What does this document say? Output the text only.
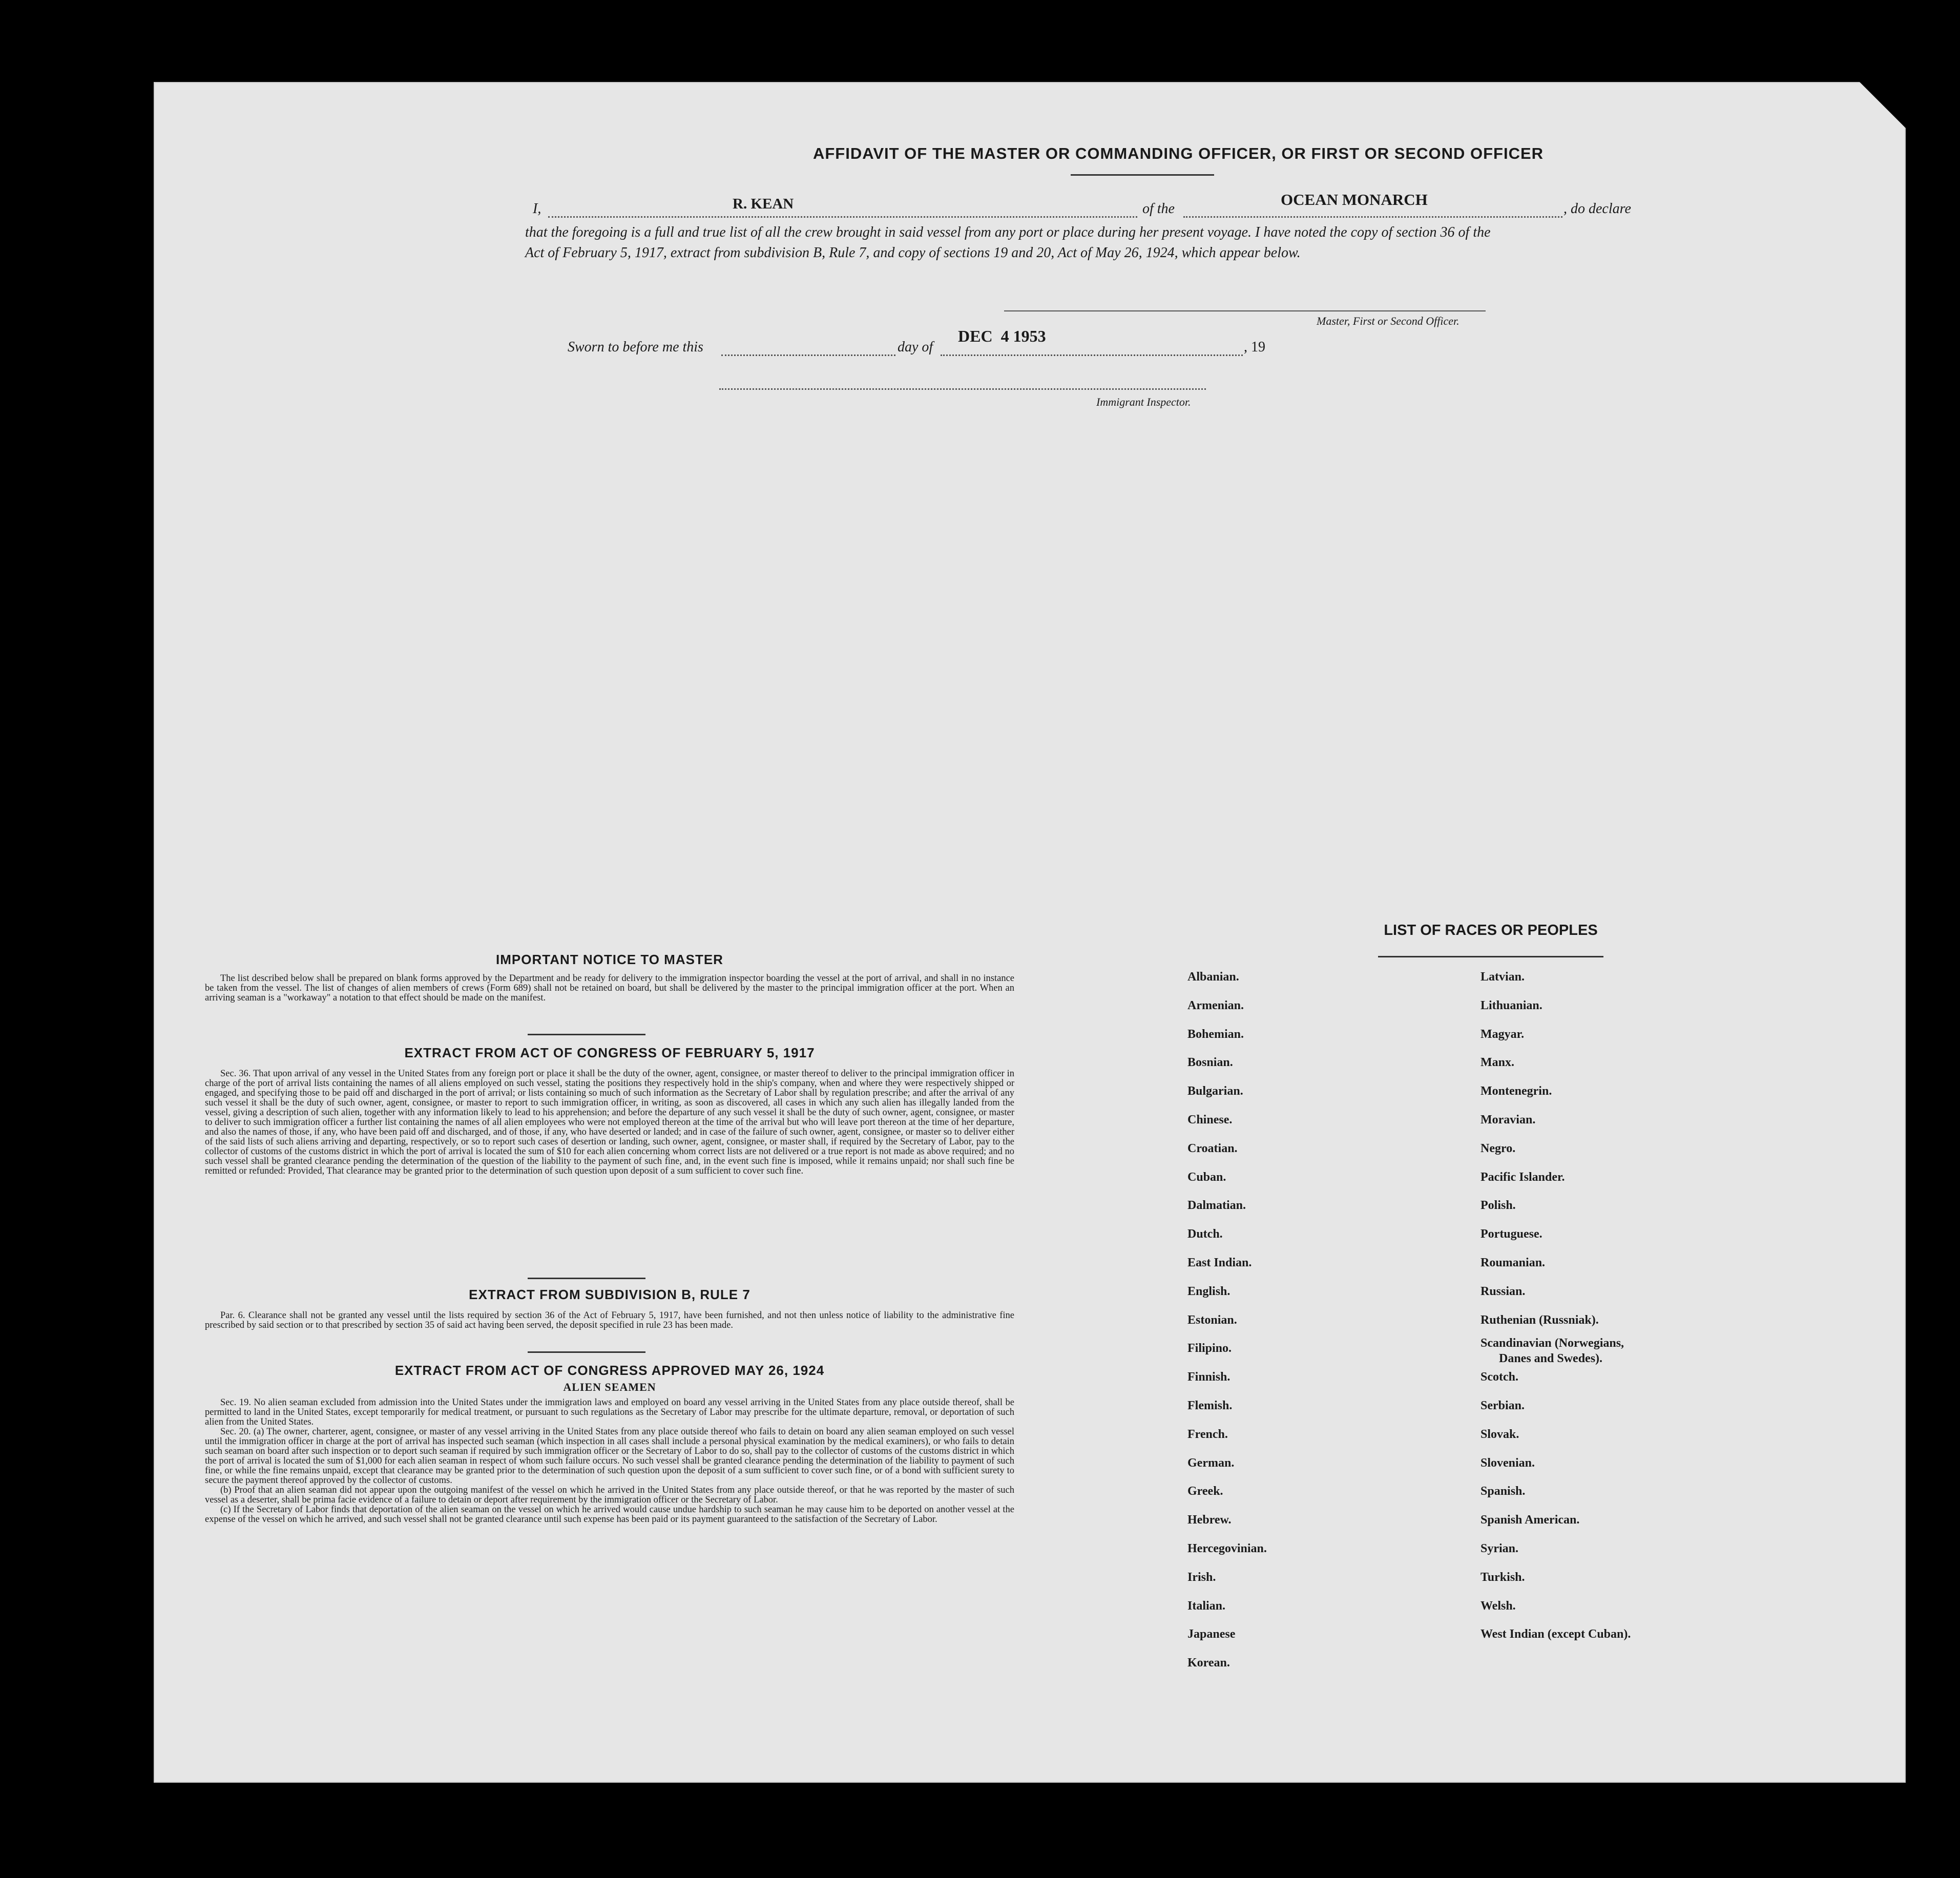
AFFIDAVIT OF THE MASTER OR COMMANDING OFFICER, OR FIRST OR SECOND OFFICER
I,	R. KEAN	of the
OCEAN MONARCH
, do declare
that the foregoing is a full and true list of all the crew brought in said vessel from any port or place during her present voyage. I have noted the copy of section 36 of the Act of February 5, 1917, extract from subdivision B, Rule 7, and copy of sections 19 and 20, Act of May 26, 1924, which appear below.
Master, First or Second Officer.
Sworn to before me this	day of
DEC  4 1953
, 19
Immigrant Inspector.
IMPORTANT NOTICE TO MASTER
The list described below shall be prepared on blank forms approved by the Department and be ready for delivery to the immigration inspector boarding the vessel at the port of arrival, and shall in no instance be taken from the vessel. The list of changes of alien members of crews (Form 689) shall not be retained on board, but shall be delivered by the master to the principal immigration officer at the port. When an arriving seaman is a "workaway" a notation to that effect should be made on the manifest.
EXTRACT FROM ACT OF CONGRESS OF FEBRUARY 5, 1917
Sec. 36. That upon arrival of any vessel in the United States from any foreign port or place it shall be the duty of the owner, agent, consignee, or master thereof to deliver to the principal immigration officer in charge of the port of arrival lists containing the names of all aliens employed on such vessel, stating the positions they respectively hold in the ship's company, when and where they were respectively shipped or engaged, and specifying those to be paid off and discharged in the port of arrival; or lists containing so much of such information as the Secretary of Labor shall by regulation prescribe; and after the arrival of any such vessel it shall be the duty of such owner, agent, consignee, or master to report to such immigration officer, in writing, as soon as discovered, all cases in which any such alien has illegally landed from the vessel, giving a description of such alien, together with any information likely to lead to his apprehension; and before the departure of any such vessel it shall be the duty of such owner, agent, consignee, or master to deliver to such immigration officer a further list containing the names of all alien employees who were not employed thereon at the time of the arrival but who will leave port thereon at the time of her departure, and also the names of those, if any, who have been paid off and discharged, and of those, if any, who have deserted or landed; and in case of the failure of such owner, agent, consignee, or master so to deliver either of the said lists of such aliens arriving and departing, respectively, or so to report such cases of desertion or landing, such owner, agent, consignee, or master shall, if required by the Secretary of Labor, pay to the collector of customs of the customs district in which the port of arrival is located the sum of $10 for each alien concerning whom correct lists are not delivered or a true report is not made as above required; and no such vessel shall be granted clearance pending the determination of the question of the liability to the payment of such fine, and, in the event such fine is imposed, while it remains unpaid; nor shall such fine be remitted or refunded: Provided, That clearance may be granted prior to the determination of such question upon deposit of a sum sufficient to cover such fine.
EXTRACT FROM SUBDIVISION B, RULE 7
Par. 6. Clearance shall not be granted any vessel until the lists required by section 36 of the Act of February 5, 1917, have been furnished, and not then unless notice of liability to the administrative fine prescribed by said section or to that prescribed by section 35 of said act having been served, the deposit specified in rule 23 has been made.
EXTRACT FROM ACT OF CONGRESS APPROVED MAY 26, 1924
ALIEN SEAMEN
Sec. 19. No alien seaman excluded from admission into the United States under the immigration laws and employed on board any vessel arriving in the United States from any place outside thereof, shall be permitted to land in the United States, except temporarily for medical treatment, or pursuant to such regulations as the Secretary of Labor may prescribe for the ultimate departure, removal, or deportation of such alien from the United States.
Sec. 20. (a) The owner, charterer, agent, consignee, or master of any vessel arriving in the United States from any place outside thereof who fails to detain on board any alien seaman employed on such vessel until the immigration officer in charge at the port of arrival has inspected such seaman (which inspection in all cases shall include a personal physical examination by the medical examiners), or who fails to detain such seaman on board after such inspection or to deport such seaman if required by such immigration officer or the Secretary of Labor to do so, shall pay to the collector of customs of the customs district in which the port of arrival is located the sum of $1,000 for each alien seaman in respect of whom such failure occurs. No such vessel shall be granted clearance pending the determination of the liability to payment of such fine, or while the fine remains unpaid, except that clearance may be granted prior to the determination of such question upon the deposit of a sum sufficient to cover such fine, or of a bond with sufficient surety to secure the payment thereof approved by the collector of customs.
(b) Proof that an alien seaman did not appear upon the outgoing manifest of the vessel on which he arrived in the United States from any place outside thereof, or that he was reported by the master of such vessel as a deserter, shall be prima facie evidence of a failure to detain or deport after requirement by the immigration officer or the Secretary of Labor.
(c) If the Secretary of Labor finds that deportation of the alien seaman on the vessel on which he arrived would cause undue hardship to such seaman he may cause him to be deported on another vessel at the expense of the vessel on which he arrived, and such vessel shall not be granted clearance until such expense has been paid or its payment guaranteed to the satisfaction of the Secretary of Labor.
LIST OF RACES OR PEOPLES
Albanian.
Armenian.
Bohemian.
Bosnian.
Bulgarian.
Chinese.
Croatian.
Cuban.
Dalmatian.
Dutch.
East Indian.
English.
Estonian.
Filipino.
Finnish.
Flemish.
French.
German.
Greek.
Hebrew.
Hercegovinian.
Irish.
Italian.
Japanese
Korean.
Latvian.
Lithuanian.
Magyar.
Manx.
Montenegrin.
Moravian.
Negro.
Pacific Islander.
Polish.
Portuguese.
Roumanian.
Russian.
Ruthenian (Russniak).
Scandinavian (Norwegians,
Danes and Swedes).
Scotch.
Serbian.
Slovak.
Slovenian.
Spanish.
Spanish American.
Syrian.
Turkish.
Welsh.
West Indian (except Cuban).
